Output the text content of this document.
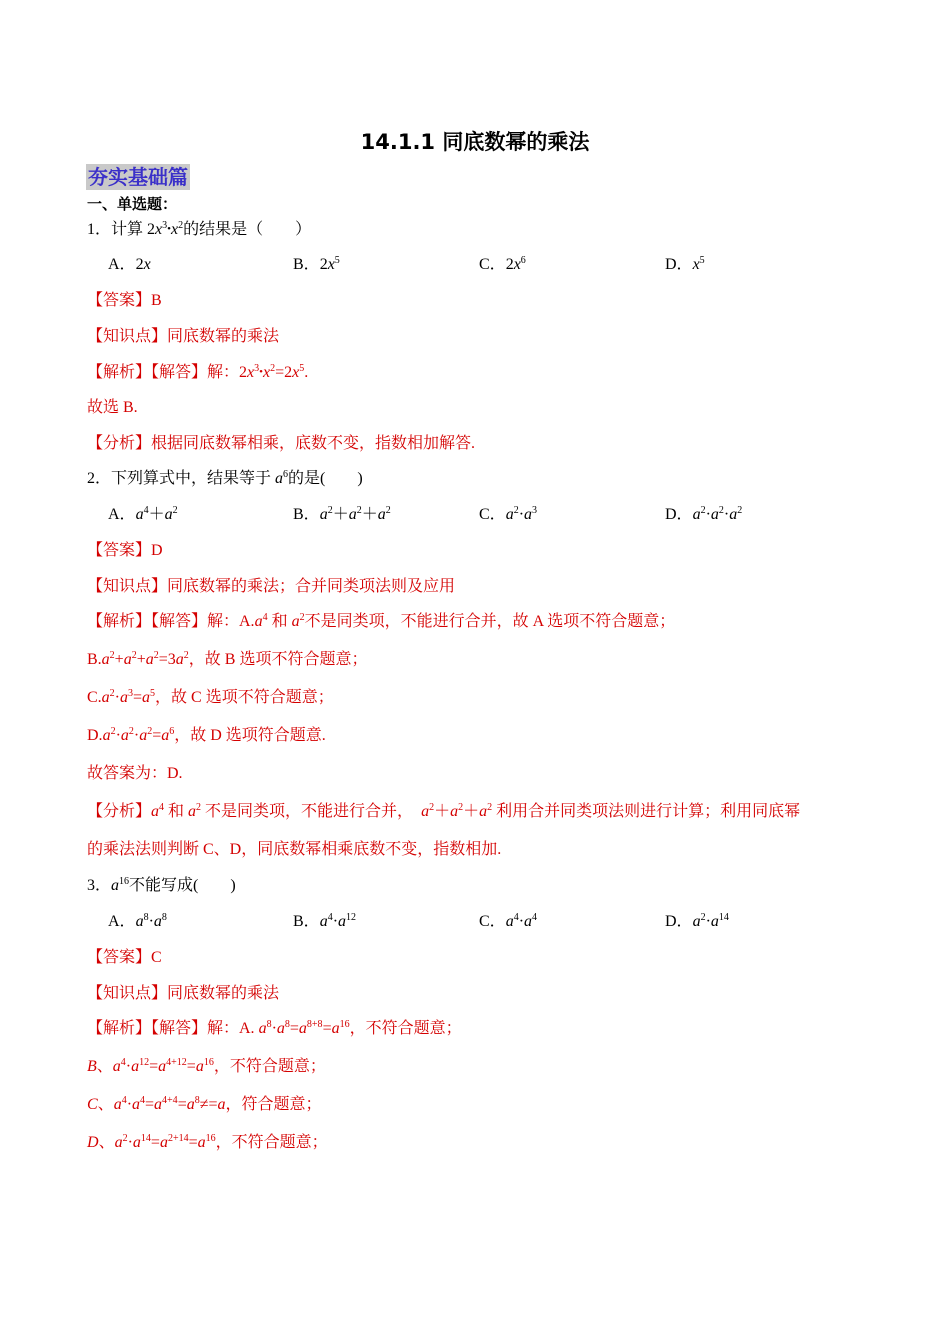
14.1.1 同底数幂的乘法
夯实基础篇
一、单选题：
1．计算 $2x^3•x^2$的结果是（　　）
A．2x	B．$2x^5$	C．$2x^6$	D．$x^5$
【答案】B
【知识点】同底数幂的乘法
【解析】【解答】解：$2x^3•x^2=2x^5$.
故选 B.
【分析】根据同底数幂相乘，底数不变，指数相加解答.
2．下列算式中，结果等于 $a^6$的是(　　)
A．$a^4+a^2$	B．$a^2+a^2+a^2$	C．$a^2\cdot a^3$	D．$a^2\cdot a^2\cdot a^2$
【答案】D
【知识点】同底数幂的乘法；合并同类项法则及应用
【解析】【解答】解：$A.a^4$ 和 $a^2$不是同类项，不能进行合并，故 A 选项不符合题意；
$B.a^2+a^2+a^2=3a^2$，故 B 选项不符合题意；
$C.a^2\cdot a^3=a^5$，故 C 选项不符合题意；
$D.a^2\cdot a^2\cdot a^2=a^6$，故 D 选项符合题意.
故答案为：D.
【分析】$a^4$ 和 $a^2$ 不是同类项，不能进行合并，　 $a^2+a^2+a^2$ 利用合并同类项法则进行计算；利用同底幂
的乘法法则判断 C、D，同底数幂相乘底数不变，指数相加.
3．$a^{16}$不能写成(　　)
A．$a^8\cdot a^8$	B．$a^4\cdot a^{12}$	C．$a^4\cdot a^4$	D．$a^2\cdot a^{14}$
【答案】C
【知识点】同底数幂的乘法
【解析】【解答】解：A. $a^8\cdot a^8=a^{8+8}=a^{16}$，不符合题意；
B、$a^4\cdot a^{12}=a^{4+12}=a^{16}$，不符合题意；
C、$a^4\cdot a^4=a^{4+4}=a^8\ne=a$，符合题意；
D、$a^2\cdot a^{14}=a^{2+14}=a^{16}$，不符合题意；
